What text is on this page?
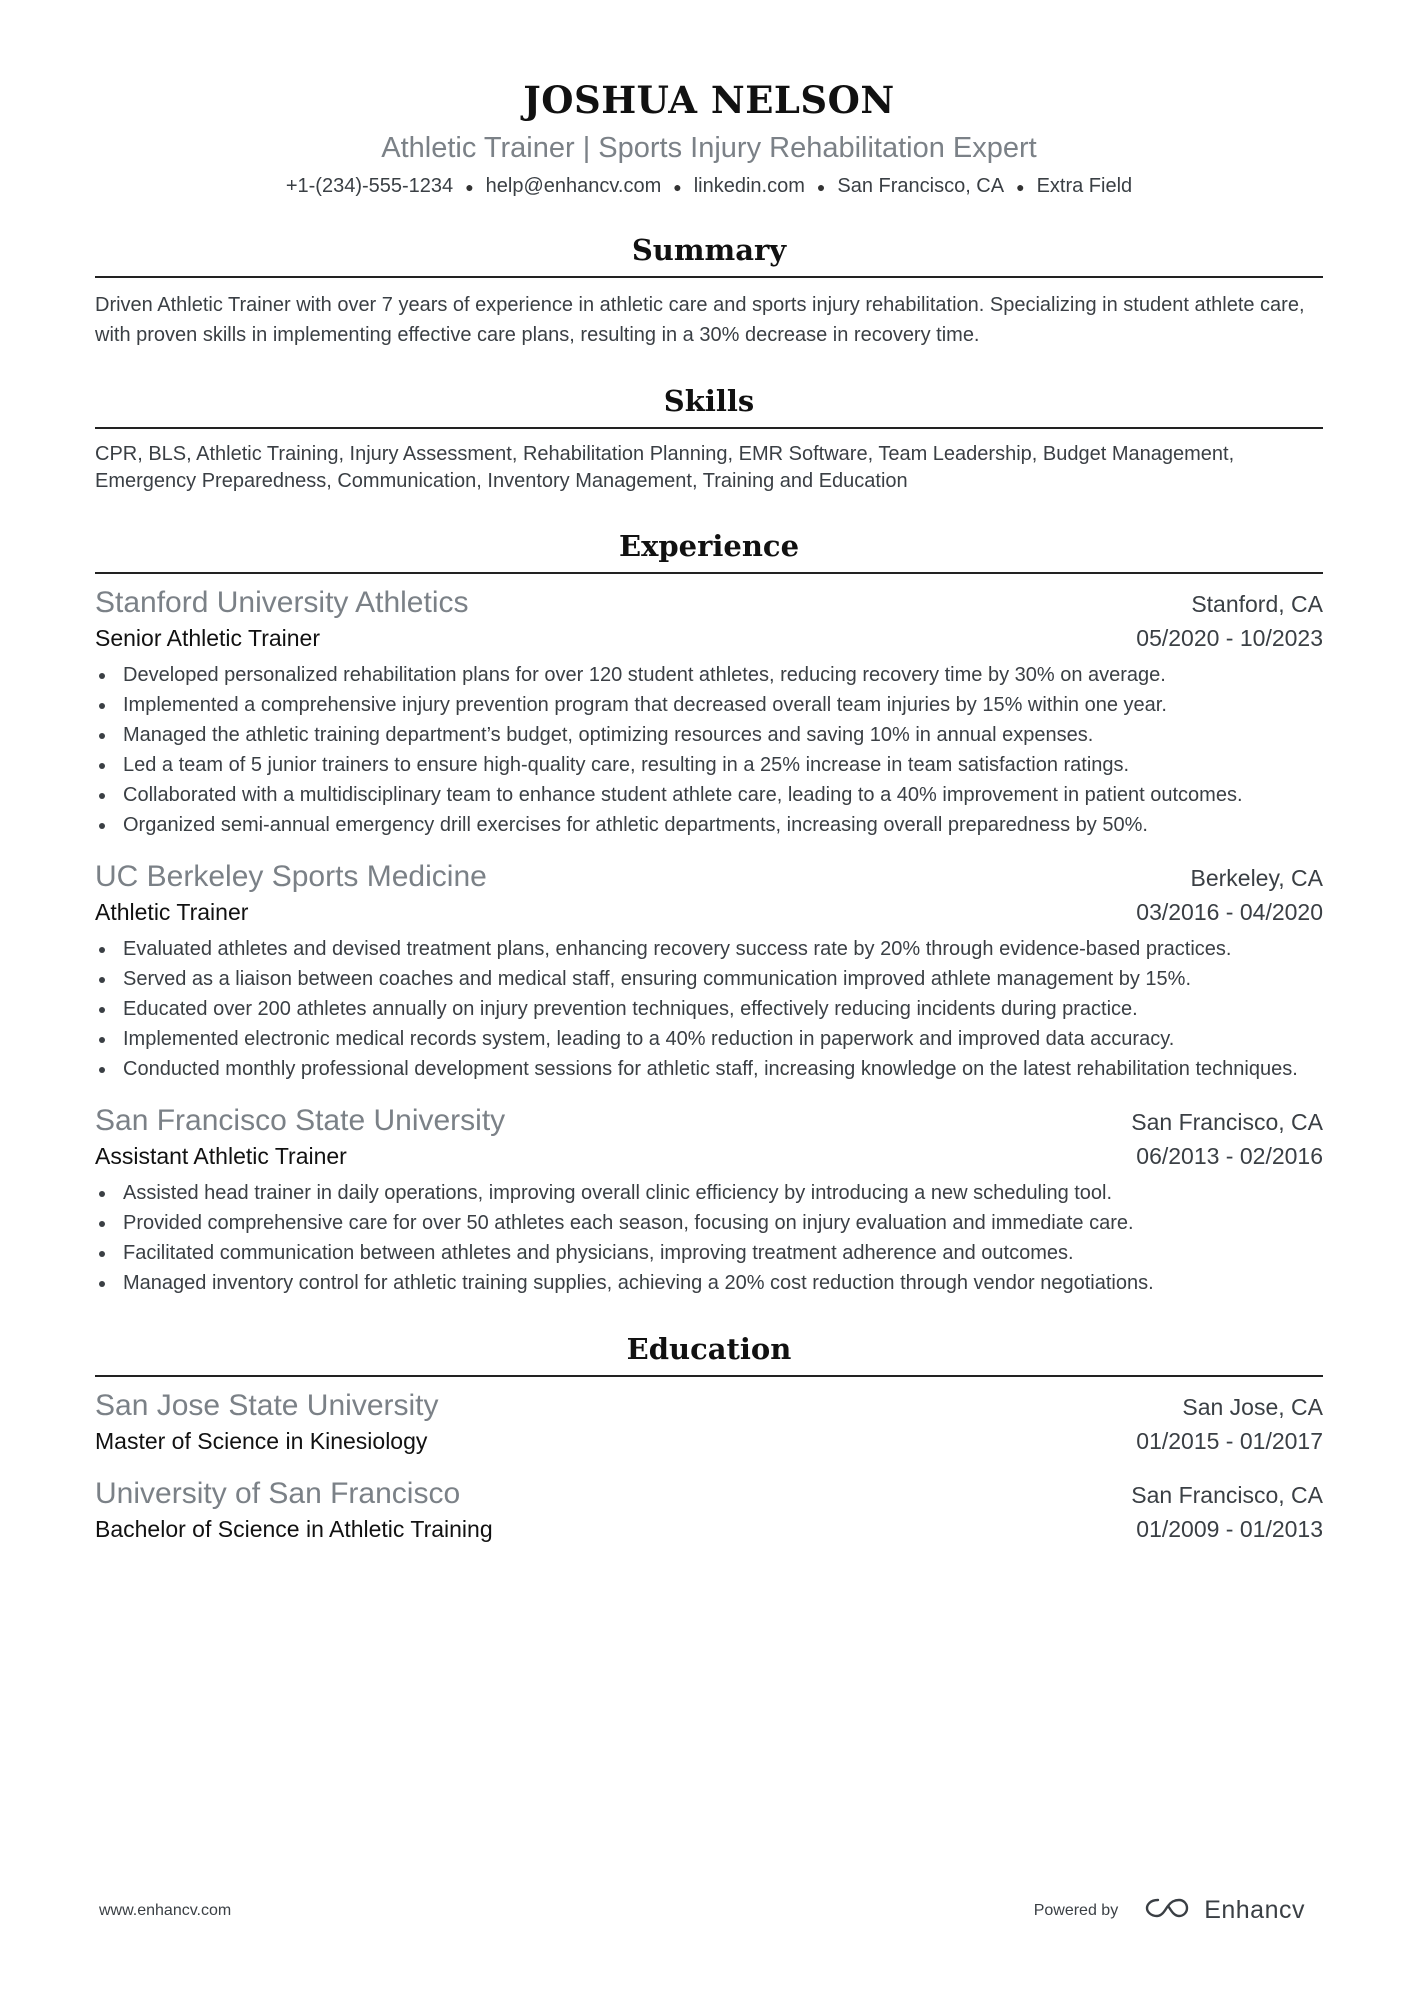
JOSHUA NELSON
Athletic Trainer | Sports Injury Rehabilitation Expert
+1-(234)-555-1234 ● help@enhancv.com ● linkedin.com ● San Francisco, CA ● Extra Field
Summary
Driven Athletic Trainer with over 7 years of experience in athletic care and sports injury rehabilitation. Specializing in student athlete care, with proven skills in implementing effective care plans, resulting in a 30% decrease in recovery time.
Skills
CPR, BLS, Athletic Training, Injury Assessment, Rehabilitation Planning, EMR Software, Team Leadership, Budget Management, Emergency Preparedness, Communication, Inventory Management, Training and Education
Experience
Stanford University Athletics	Stanford, CA
Senior Athletic Trainer	05/2020 - 10/2023
Developed personalized rehabilitation plans for over 120 student athletes, reducing recovery time by 30% on average.
Implemented a comprehensive injury prevention program that decreased overall team injuries by 15% within one year.
Managed the athletic training department’s budget, optimizing resources and saving 10% in annual expenses.
Led a team of 5 junior trainers to ensure high-quality care, resulting in a 25% increase in team satisfaction ratings.
Collaborated with a multidisciplinary team to enhance student athlete care, leading to a 40% improvement in patient outcomes.
Organized semi-annual emergency drill exercises for athletic departments, increasing overall preparedness by 50%.
UC Berkeley Sports Medicine	Berkeley, CA
Athletic Trainer	03/2016 - 04/2020
Evaluated athletes and devised treatment plans, enhancing recovery success rate by 20% through evidence-based practices.
Served as a liaison between coaches and medical staff, ensuring communication improved athlete management by 15%.
Educated over 200 athletes annually on injury prevention techniques, effectively reducing incidents during practice.
Implemented electronic medical records system, leading to a 40% reduction in paperwork and improved data accuracy.
Conducted monthly professional development sessions for athletic staff, increasing knowledge on the latest rehabilitation techniques.
San Francisco State University	San Francisco, CA
Assistant Athletic Trainer	06/2013 - 02/2016
Assisted head trainer in daily operations, improving overall clinic efficiency by introducing a new scheduling tool.
Provided comprehensive care for over 50 athletes each season, focusing on injury evaluation and immediate care.
Facilitated communication between athletes and physicians, improving treatment adherence and outcomes.
Managed inventory control for athletic training supplies, achieving a 20% cost reduction through vendor negotiations.
Education
San Jose State University	San Jose, CA
Master of Science in Kinesiology	01/2015 - 01/2017
University of San Francisco	San Francisco, CA
Bachelor of Science in Athletic Training	01/2009 - 01/2013
www.enhancv.com	Powered by	Enhancv
